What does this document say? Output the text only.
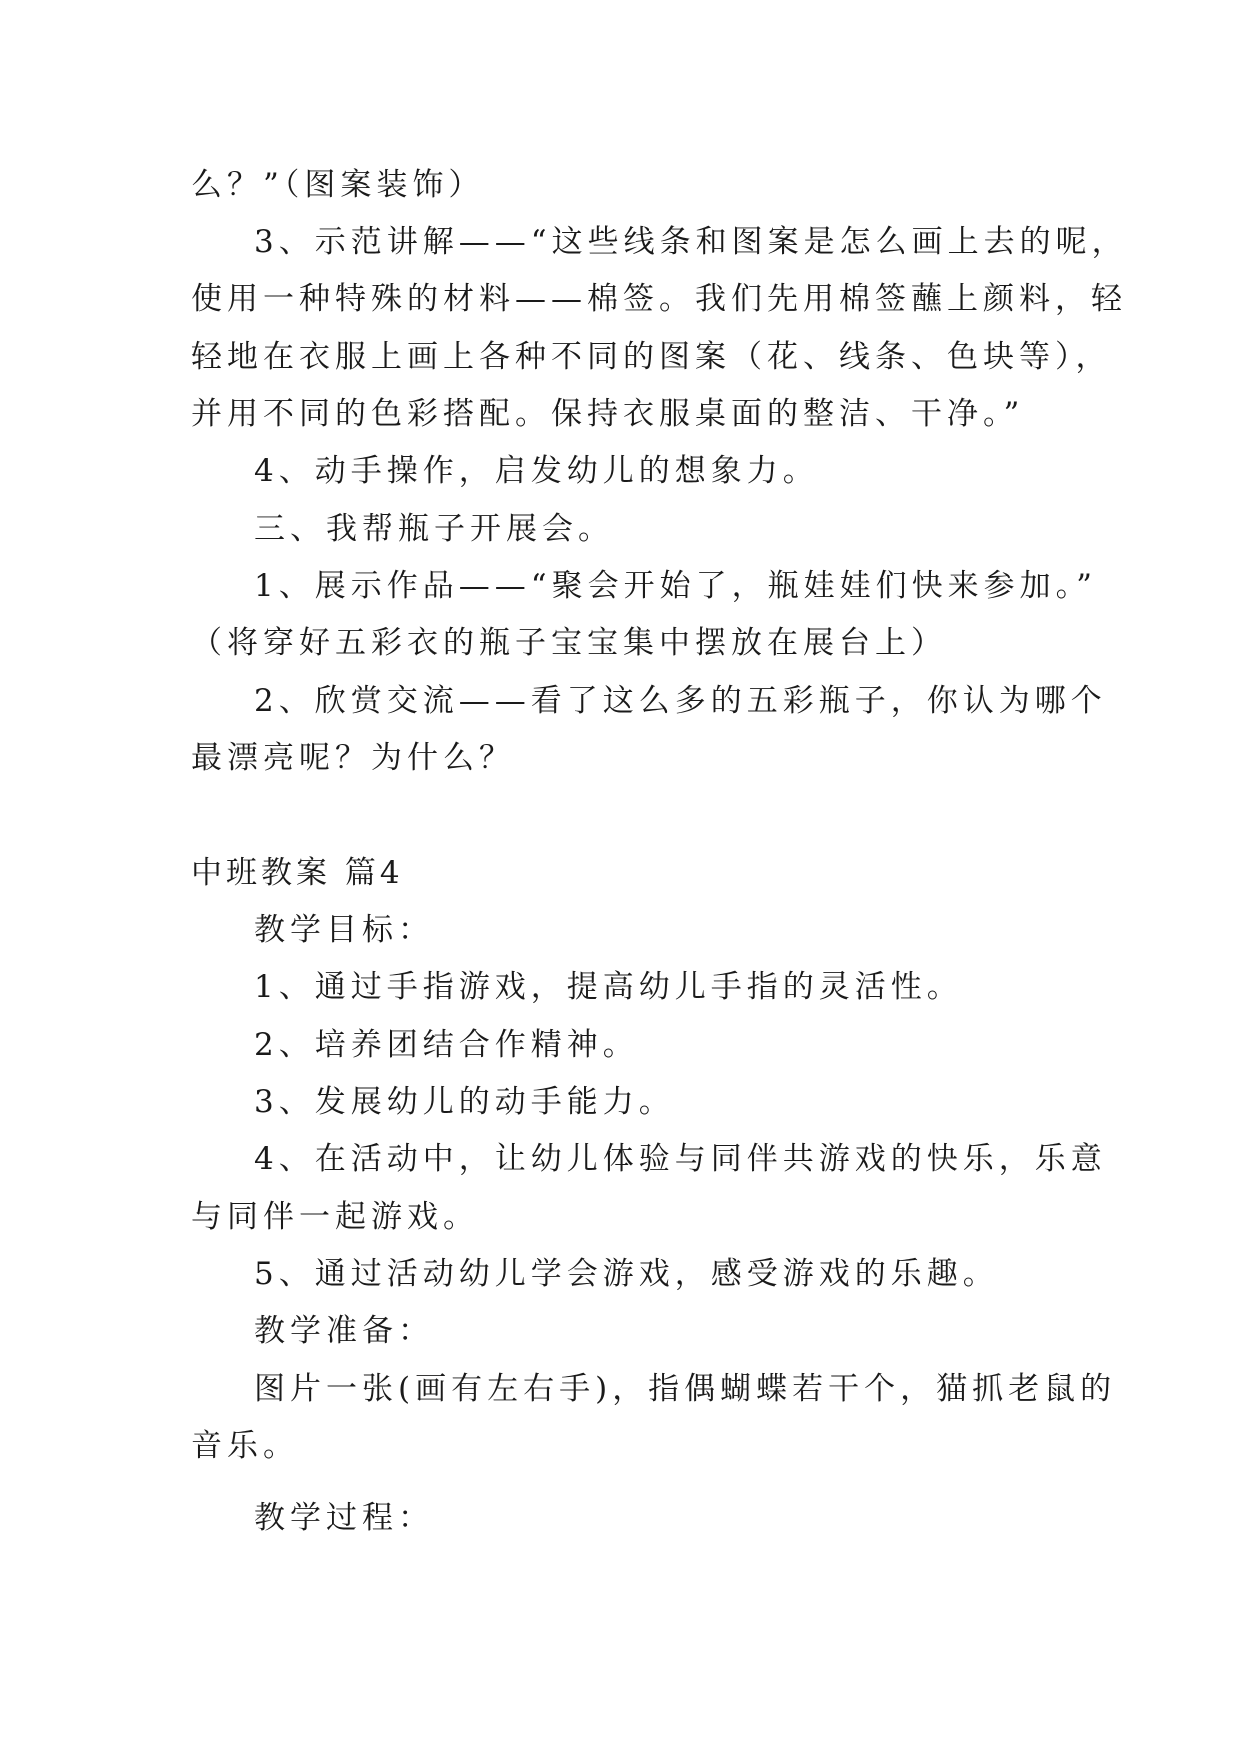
么？”（图案装饰）
3、示范讲解——“这些线条和图案是怎么画上去的呢，
使用一种特殊的材料——棉签。我们先用棉签蘸上颜料，轻
轻地在衣服上画上各种不同的图案（花、线条、色块等），
并用不同的色彩搭配。保持衣服桌面的整洁、干净。”
4、动手操作，启发幼儿的想象力。
三、我帮瓶子开展会。
1、展示作品——“聚会开始了，瓶娃娃们快来参加。”
（将穿好五彩衣的瓶子宝宝集中摆放在展台上）
2、欣赏交流——看了这么多的五彩瓶子，你认为哪个
最漂亮呢？为什么？
中班教案 篇4
教学目标：
1、通过手指游戏，提高幼儿手指的灵活性。
2、培养团结合作精神。
3、发展幼儿的动手能力。
4、在活动中，让幼儿体验与同伴共游戏的快乐，乐意
与同伴一起游戏。
5、通过活动幼儿学会游戏，感受游戏的乐趣。
教学准备：
图片一张(画有左右手)，指偶蝴蝶若干个，猫抓老鼠的
音乐。
教学过程：
